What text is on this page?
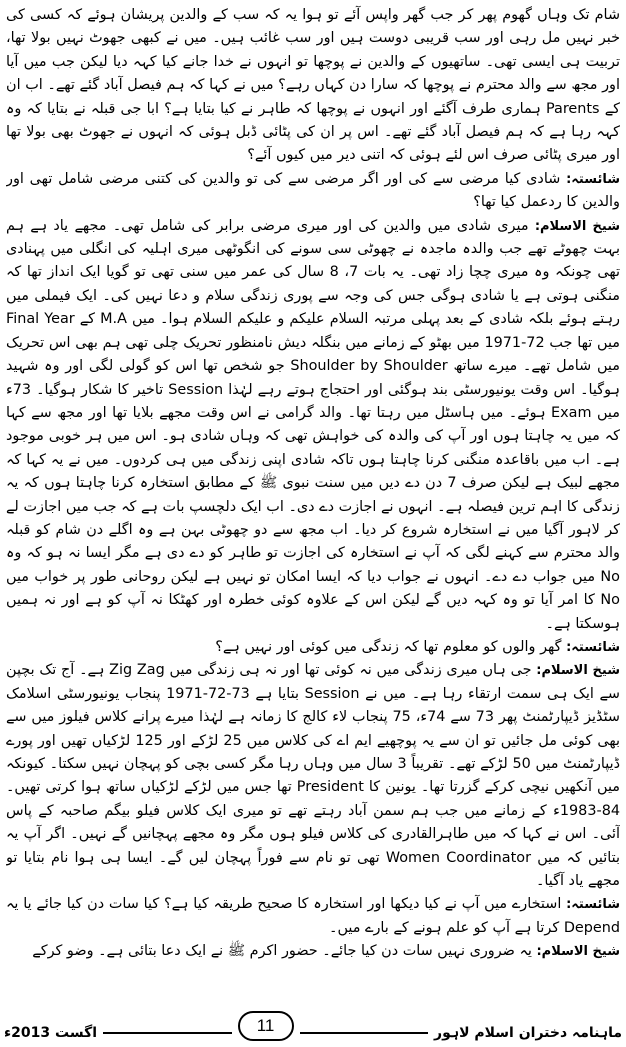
شام تک وہاں گھوم پھر کر جب گھر واپس آئے تو ہوا یہ کہ سب کے والدین پریشان ہوئے کہ کسی کی خبر نہیں مل رہی اور سب قریبی دوست ہیں اور سب غائب ہیں۔ میں نے کبھی جھوٹ نہیں بولا تھا، تربیت ہی ایسی تھی۔ ساتھیوں کے والدین نے پوچھا تو انہوں نے خدا جانے کیا کہہ دیا لیکن جب میں آیا اور مجھ سے والد محترم نے پوچھا کہ سارا دن کہاں رہے؟ میں نے کہا کہ ہم فیصل آباد گئے تھے۔ اب ان کے Parents ہماری طرف آگئے اور انہوں نے پوچھا کہ طاہر نے کیا بتایا ہے؟ ابا جی قبلہ نے بتایا کہ وہ کہہ رہا ہے کہ ہم فیصل آباد گئے تھے۔ اس پر ان کی پٹائی ڈبل ہوئی کہ انہوں نے جھوٹ بھی بولا تھا اور میری پٹائی صرف اس لئے ہوئی کہ اتنی دیر میں کیوں آئے؟

شائستہ: شادی کیا مرضی سے کی اور اگر مرضی سے کی تو والدین کی کتنی مرضی شامل تھی اور والدین کا ردعمل کیا تھا؟

شیخ الاسلام: میری شادی میں والدین کی اور میری مرضی برابر کی شامل تھی۔ مجھے یاد ہے ہم بہت چھوٹے تھے جب والدہ ماجدہ نے چھوٹی سی سونے کی انگوٹھی میری اہلیہ کی انگلی میں پہنادی تھی چونکہ وہ میری چچا زاد تھی۔ یہ بات 7، 8 سال کی عمر میں سنی تھی تو گویا ایک انداز تھا کہ منگنی ہوتی ہے یا شادی ہوگی جس کی وجہ سے پوری زندگی سلام و دعا نہیں کی۔ ایک فیملی میں رہتے ہوئے بلکہ شادی کے بعد پہلی مرتبہ السلام علیکم و علیکم السلام ہوا۔ میں M.A کے Final Year میں تھا جب 72-1971 میں بھٹو کے زمانے میں بنگلہ دیش نامنظور تحریک چلی تھی ہم بھی اس تحریک میں شامل تھے۔ میرے ساتھ Shoulder by Shoulder جو شخص تھا اس کو گولی لگی اور وہ شہید ہوگیا۔ اس وقت یونیورسٹی بند ہوگئی اور احتجاج ہوتے رہے لہٰذا Session تاخیر کا شکار ہوگیا۔ 73ء میں Exam ہوئے۔ میں ہاسٹل میں رہتا تھا۔ والد گرامی نے اس وقت مجھے بلایا تھا اور مجھ سے کہا کہ میں یہ چاہتا ہوں اور آپ کی والدہ کی خواہش تھی کہ وہاں شادی ہو۔ اس میں ہر خوبی موجود ہے۔ اب میں باقاعدہ منگنی کرنا چاہتا ہوں تاکہ شادی اپنی زندگی میں ہی کردوں۔ میں نے یہ کہا کہ مجھے لبیک ہے لیکن صرف 7 دن دے دیں میں سنت نبوی ﷺ کے مطابق استخارہ کرنا چاہتا ہوں کہ یہ زندگی کا اہم ترین فیصلہ ہے۔ انہوں نے اجازت دے دی۔ اب ایک دلچسپ بات ہے کہ جب میں اجازت لے کر لاہور آگیا میں نے استخارہ شروع کر دیا۔ اب مجھ سے دو چھوٹی بہن ہے وہ اگلے دن شام کو قبلہ والد محترم سے کہنے لگی کہ آپ نے استخارہ کی اجازت تو طاہر کو دے دی ہے مگر ایسا نہ ہو کہ وہ No میں جواب دے دے۔ انہوں نے جواب دیا کہ ایسا امکان تو نہیں ہے لیکن روحانی طور پر خواب میں No کا امر آیا تو وہ کہہ دیں گے لیکن اس کے علاوہ کوئی خطرہ اور کھٹکا نہ آپ کو ہے اور نہ ہمیں ہوسکتا ہے۔

شائستہ: گھر والوں کو معلوم تھا کہ زندگی میں کوئی اور نہیں ہے؟

شیخ الاسلام: جی ہاں میری زندگی میں نہ کوئی تھا اور نہ ہی زندگی میں Zig Zag ہے۔ آج تک بچپن سے ایک ہی سمت ارتقاء رہا ہے۔ میں نے Session بتایا ہے 73-72-1971 پنجاب یونیورسٹی اسلامک سٹڈیز ڈیپارٹمنٹ پھر 73 سے 74ء، 75 پنجاب لاء کالج کا زمانہ ہے لہٰذا میرے پرانے کلاس فیلوز میں سے بھی کوئی مل جائیں تو ان سے یہ پوچھیے ایم اے کی کلاس میں 25 لڑکے اور 125 لڑکیاں تھیں اور پورے ڈیپارٹمنٹ میں 50 لڑکے تھے۔ تقریباً 3 سال میں وہاں رہا مگر کسی بچی کو پہچان نہیں سکتا۔ کیونکہ میں آنکھیں نیچی کرکے گزرتا تھا۔ یونین کا President تھا جس میں لڑکے لڑکیاں ساتھ ہوا کرتی تھیں۔ 84-1983ء کے زمانے میں جب ہم سمن آباد رہتے تھے تو میری ایک کلاس فیلو بیگم صاحبہ کے پاس آئی۔ اس نے کہا کہ میں طاہرالقادری کی کلاس فیلو ہوں مگر وہ مجھے پہچانیں گے نہیں۔ اگر آپ یہ بتائیں کہ میں Women Coordinator تھی تو نام سے فوراً پہچان لیں گے۔ ایسا ہی ہوا نام بتایا تو مجھے یاد آگیا۔

شائستہ: استخارے میں آپ نے کیا دیکھا اور استخارہ کا صحیح طریقہ کیا ہے؟ کیا سات دن کیا جائے یا یہ Depend کرتا ہے آپ کو علم ہونے کے بارے میں۔

شیخ الاسلام: یہ ضروری نہیں سات دن کیا جائے۔ حضور اکرم ﷺ نے ایک دعا بتائی ہے۔ وضو کرکے

ماہنامہ دختران اسلام لاہور
11
اگست 2013ء
